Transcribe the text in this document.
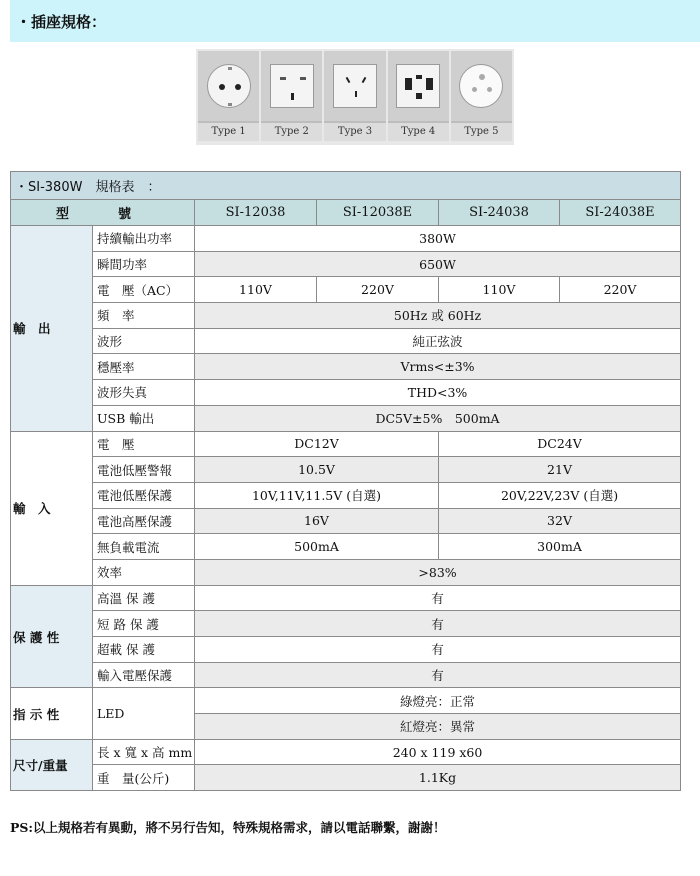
・插座規格：
Type 1	Type 2	Type 3	Type 4	Type 5
・SI-380W　規格表　：					
型　號		SI-12038	SI-12038E	SI-24038	SI-24038E
輸　出	持續輸出功率	380W			
	瞬間功率	650W			
	電　壓（AC）	110V	220V	110V	220V
	頻　率	50Hz 或 60Hz			
	波形	純正弦波			
	穩壓率	Vrms<±3%			
	波形失真	THD<3%			
	USB 輸出	DC5V±5%　500mA			
輸　入	電　壓	DC12V		DC24V	
	電池低壓警報	10.5V		21V	
	電池低壓保護	10V,11V,11.5V (自選)		20V,22V,23V (自選)	
	電池高壓保護	16V		32V	
	無負載電流	500mA		300mA	
	效率	>83%			
保 護 性	高溫 保 護	有			
	短 路 保 護	有			
	超載 保 護	有			
	輸入電壓保護	有			
指 示 性	LED	綠燈亮：正常			
		紅燈亮：異常			
尺寸/重量	長 x 寬 x 高 mm	240 x 119 x60			
	重　量(公斤)	1.1Kg			
PS:以上規格若有異動，將不另行告知，特殊規格需求，請以電話聯繫，謝謝！
